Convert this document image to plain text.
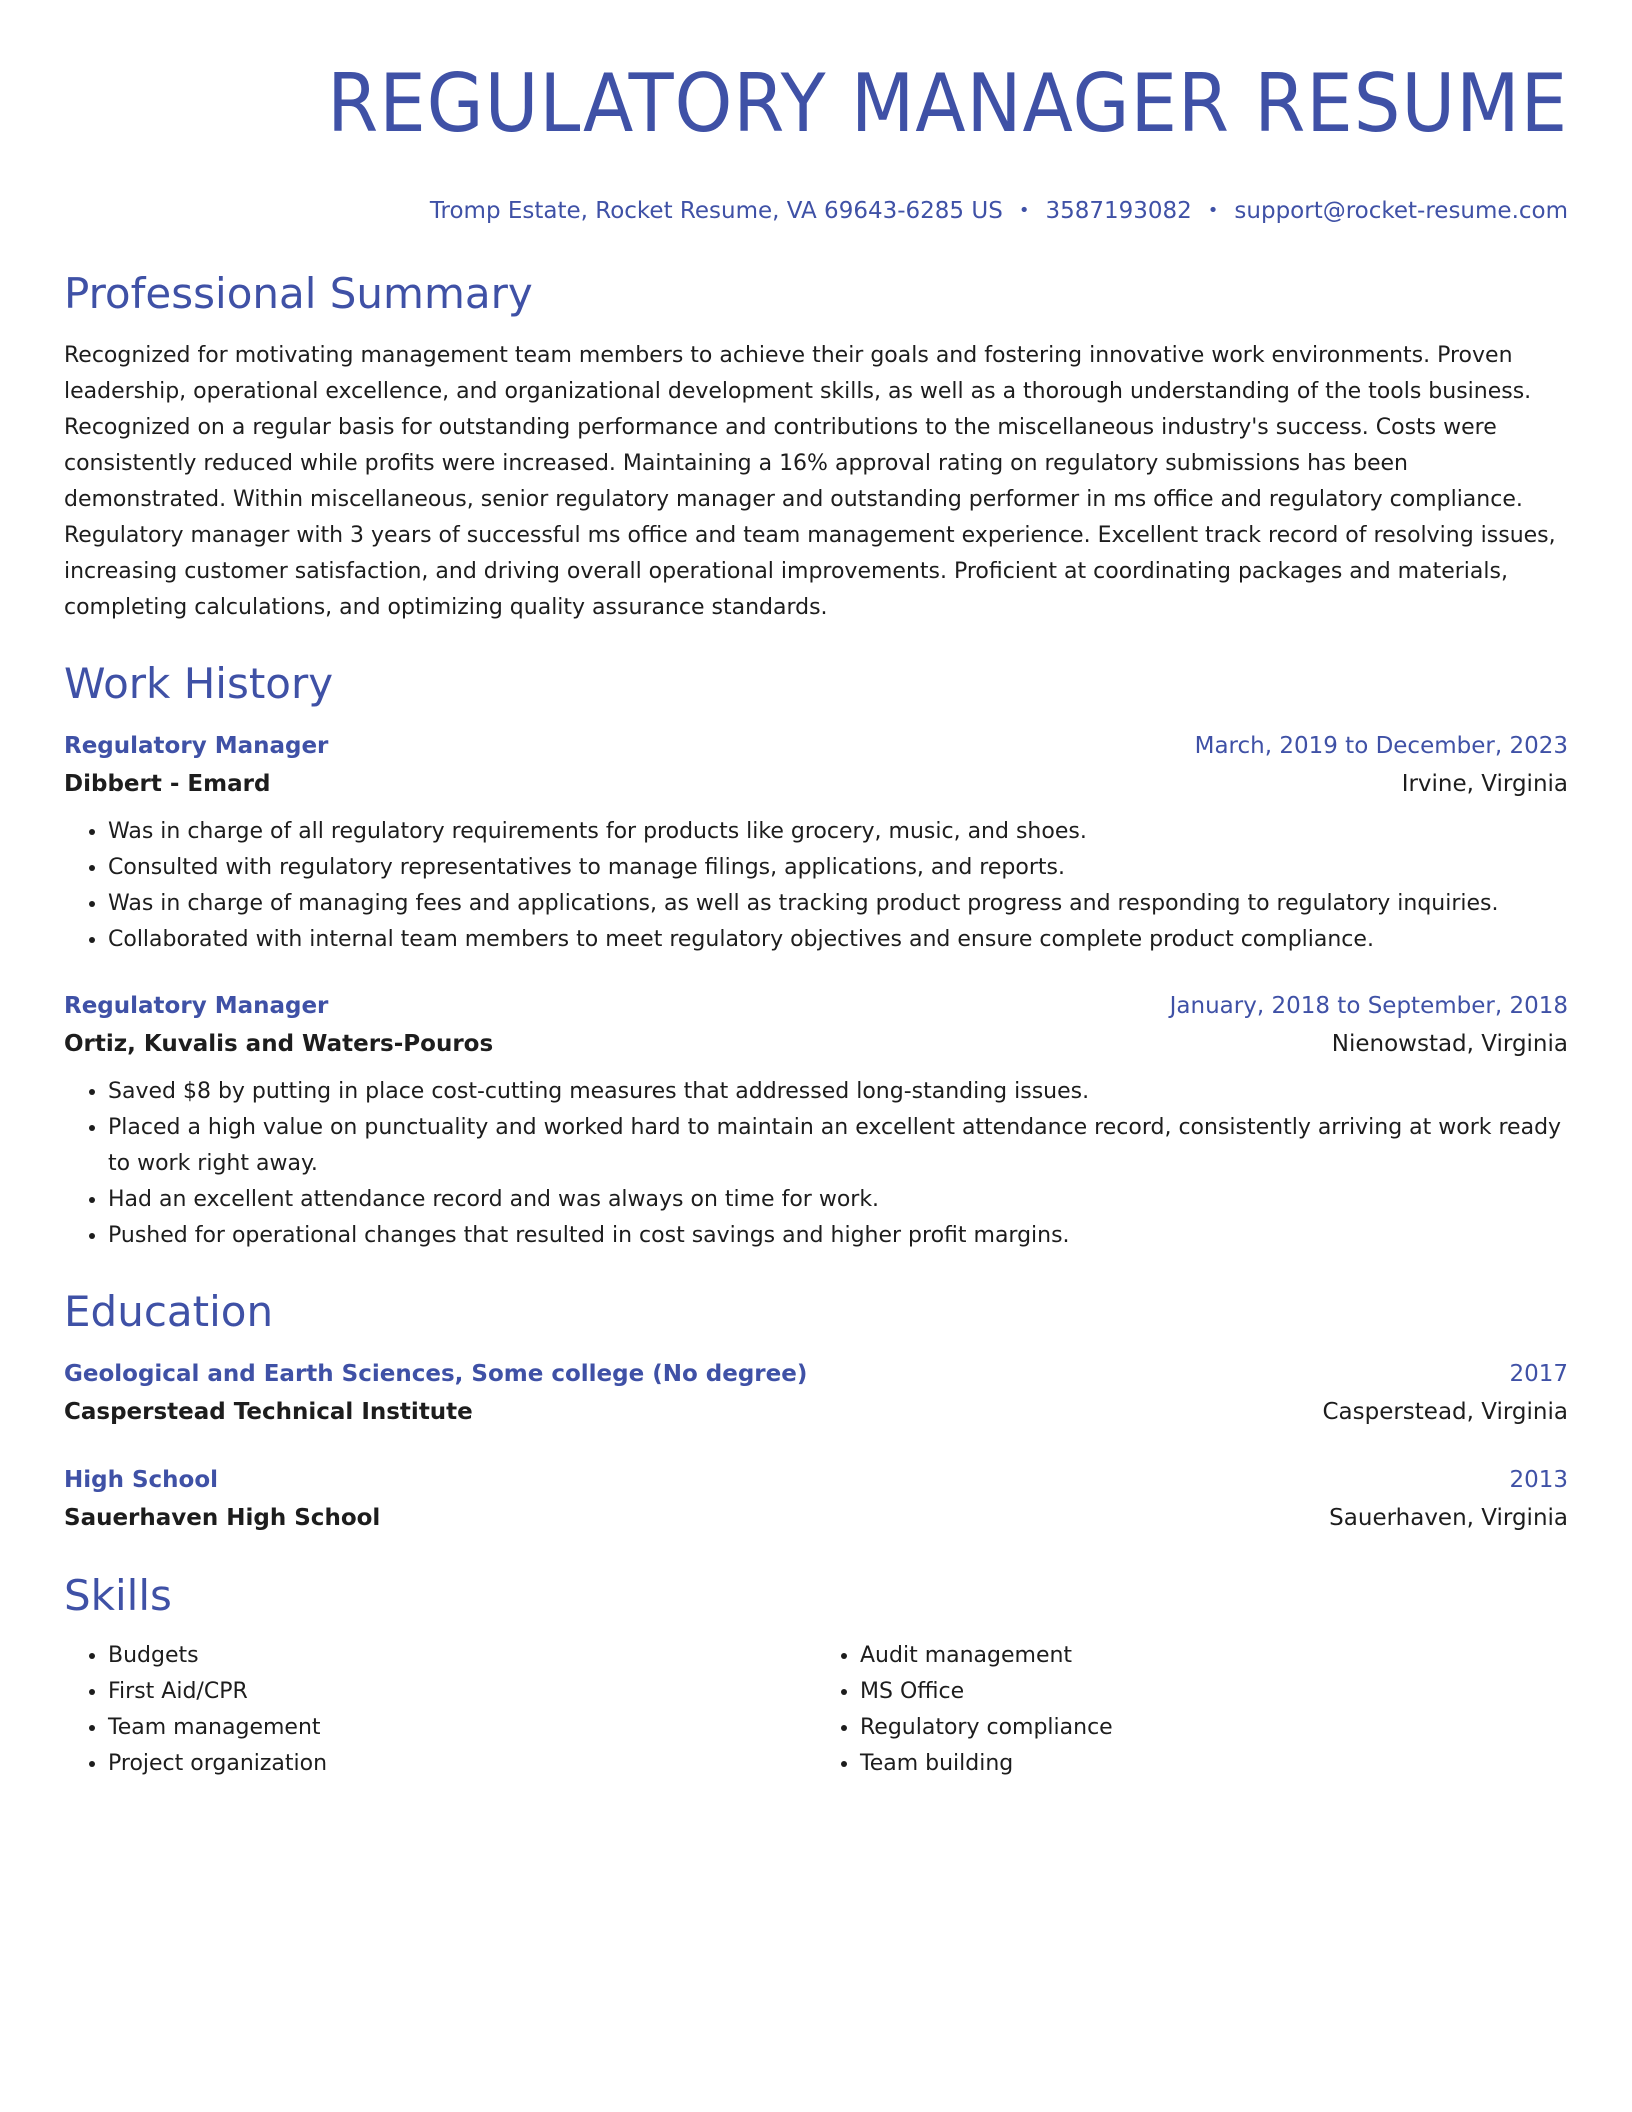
REGULATORY MANAGER RESUME
Tromp Estate, Rocket Resume, VA 69643-6285 US • 3587193082 • support@rocket-resume.com
Professional Summary
Recognized for motivating management team members to achieve their goals and fostering innovative work environments. Proven leadership, operational excellence, and organizational development skills, as well as a thorough understanding of the tools business. Recognized on a regular basis for outstanding performance and contributions to the miscellaneous industry's success. Costs were consistently reduced while profits were increased. Maintaining a 16% approval rating on regulatory submissions has been demonstrated. Within miscellaneous, senior regulatory manager and outstanding performer in ms office and regulatory compliance. Regulatory manager with 3 years of successful ms office and team management experience. Excellent track record of resolving issues, increasing customer satisfaction, and driving overall operational improvements. Proficient at coordinating packages and materials, completing calculations, and optimizing quality assurance standards.
Work History
Regulatory Manager	March, 2019 to December, 2023
Dibbert - Emard	Irvine, Virginia
• Was in charge of all regulatory requirements for products like grocery, music, and shoes.
• Consulted with regulatory representatives to manage filings, applications, and reports.
• Was in charge of managing fees and applications, as well as tracking product progress and responding to regulatory inquiries.
• Collaborated with internal team members to meet regulatory objectives and ensure complete product compliance.
Regulatory Manager	January, 2018 to September, 2018
Ortiz, Kuvalis and Waters-Pouros	Nienowstad, Virginia
• Saved $8 by putting in place cost-cutting measures that addressed long-standing issues.
• Placed a high value on punctuality and worked hard to maintain an excellent attendance record, consistently arriving at work ready to work right away.
• Had an excellent attendance record and was always on time for work.
• Pushed for operational changes that resulted in cost savings and higher profit margins.
Education
Geological and Earth Sciences, Some college (No degree)	2017
Casperstead Technical Institute	Casperstead, Virginia
High School	2013
Sauerhaven High School	Sauerhaven, Virginia
Skills
• Budgets
• First Aid/CPR
• Team management
• Project organization
• Audit management
• MS Office
• Regulatory compliance
• Team building
